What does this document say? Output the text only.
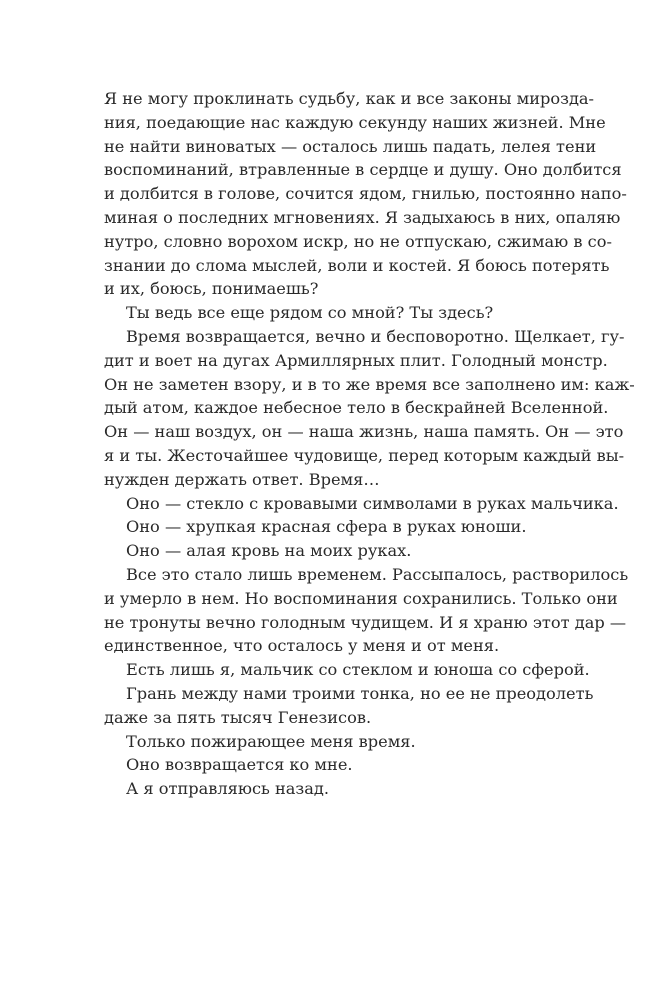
Я не могу проклинать судьбу, как и все законы мирозда-
ния, поедающие нас каждую секунду наших жизней. Мне
не найти виноватых — осталось лишь падать, лелея тени
воспоминаний, втравленные в сердце и душу. Оно долбится
и долбится в голове, сочится ядом, гнилью, постоянно напо-
миная о последних мгновениях. Я задыхаюсь в них, опаляю
нутро, словно ворохом искр, но не отпускаю, сжимаю в со-
знании до слома мыслей, воли и костей. Я боюсь потерять
и их, боюсь, понимаешь?
Ты ведь все еще рядом со мной? Ты здесь?
Время возвращается, вечно и бесповоротно. Щелкает, гу-
дит и воет на дугах Армиллярных плит. Голодный монстр.
Он не заметен взору, и в то же время все заполнено им: каж-
дый атом, каждое небесное тело в бескрайней Вселенной.
Он — наш воздух, он — наша жизнь, наша память. Он — это
я и ты. Жесточайшее чудовище, перед которым каждый вы-
нужден держать ответ. Время…
Оно — стекло с кровавыми символами в руках мальчика.
Оно — хрупкая красная сфера в руках юноши.
Оно — алая кровь на моих руках.
Все это стало лишь временем. Рассыпалось, растворилось
и умерло в нем. Но воспоминания сохранились. Только они
не тронуты вечно голодным чудищем. И я храню этот дар —
единственное, что осталось у меня и от меня.
Есть лишь я, мальчик со стеклом и юноша со сферой.
Грань между нами троими тонка, но ее не преодолеть
даже за пять тысяч Генезисов.
Только пожирающее меня время.
Оно возвращается ко мне.
А я отправляюсь назад.
